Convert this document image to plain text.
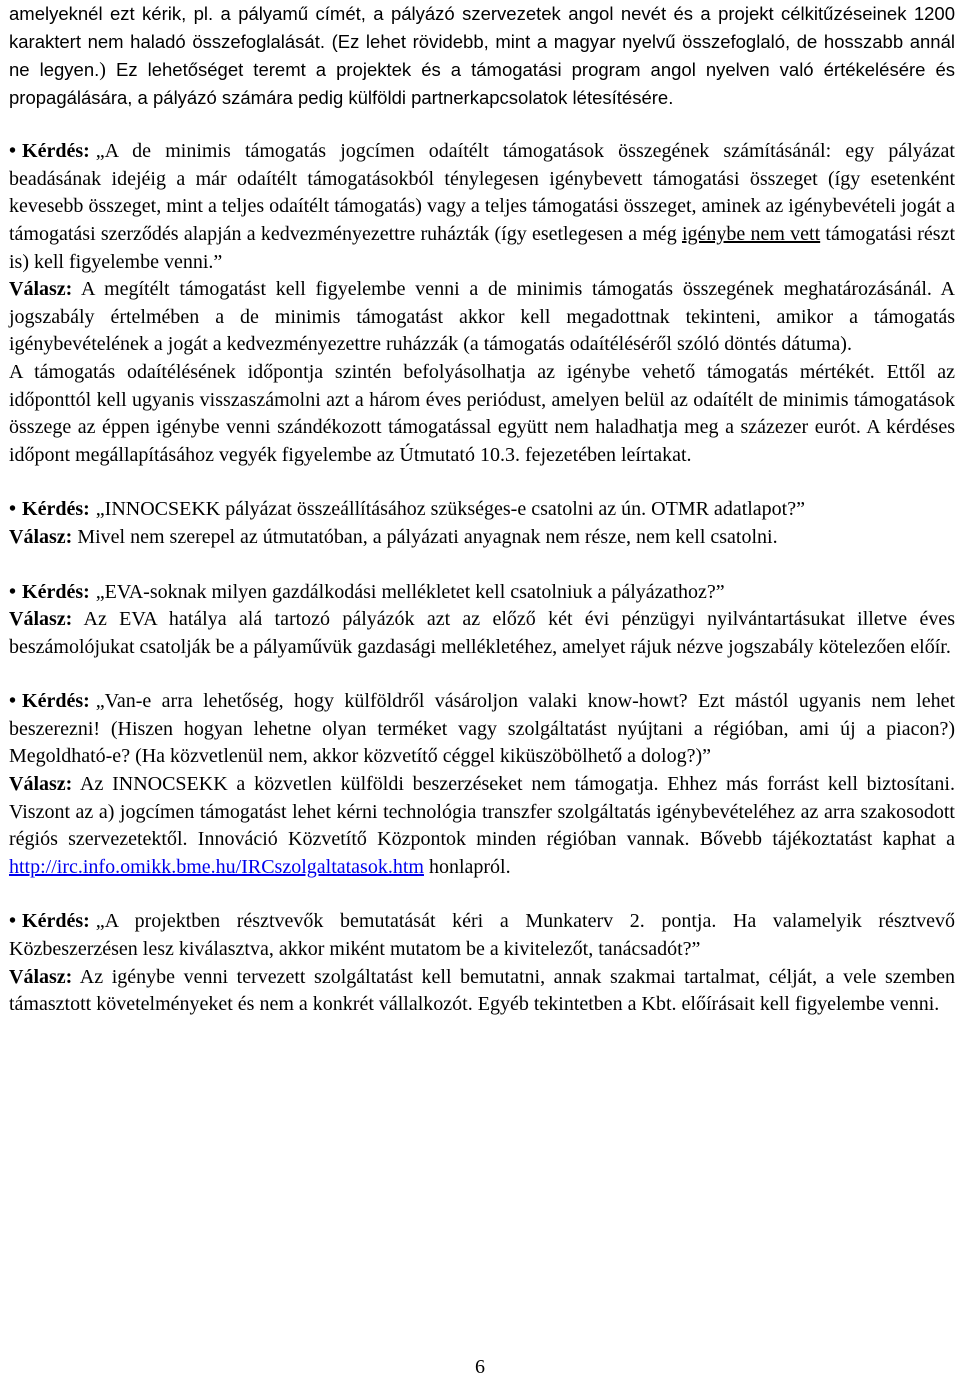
amelyeknél ezt kérik, pl. a pályamű címét, a pályázó szervezetek angol nevét és a projekt célkitűzéseinek 1200 karaktert nem haladó összefoglalását. (Ez lehet rövidebb, mint a magyar nyelvű összefoglaló, de hosszabb annál ne legyen.) Ez lehetőséget teremt a projektek és a támogatási program angol nyelven való értékelésére és propagálására, a pályázó számára pedig külföldi partnerkapcsolatok létesítésére.

• Kérdés: „A de minimis támogatás jogcímen odaítélt támogatások összegének számításánál: egy pályázat beadásának idejéig a már odaítélt támogatásokból ténylegesen igénybevett támogatási összeget (így esetenként kevesebb összeget, mint a teljes odaítélt támogatás) vagy a teljes támogatási összeget, aminek az igénybevételi jogát a támogatási szerződés alapján a kedvezményezettre ruházták (így esetlegesen a még igénybe nem vett támogatási részt is) kell figyelembe venni.”

Válasz: A megítélt támogatást kell figyelembe venni a de minimis támogatás összegének meghatározásánál. A jogszabály értelmében a de minimis támogatást akkor kell megadottnak tekinteni, amikor a támogatás igénybevételének a jogát a kedvezményezettre ruházzák (a támogatás odaítéléséről szóló döntés dátuma).

A támogatás odaítélésének időpontja szintén befolyásolhatja az igénybe vehető támogatás mértékét. Ettől az időponttól kell ugyanis visszaszámolni azt a három éves periódust, amelyen belül az odaítélt de minimis támogatások összege az éppen igénybe venni szándékozott támogatással együtt nem haladhatja meg a százezer eurót. A kérdéses időpont megállapításához vegyék figyelembe az Útmutató 10.3. fejezetében leírtakat.

• Kérdés: „INNOCSEKK pályázat összeállításához szükséges-e csatolni az ún. OTMR adatlapot?”

Válasz: Mivel nem szerepel az útmutatóban, a pályázati anyagnak nem része, nem kell csatolni.

• Kérdés: „EVA-soknak milyen gazdálkodási mellékletet kell csatolniuk a pályázathoz?”

Válasz: Az EVA hatálya alá tartozó pályázók azt az előző két évi pénzügyi nyilvántartásukat illetve éves beszámolójukat csatolják be a pályaművük gazdasági mellékletéhez, amelyet rájuk nézve jogszabály kötelezően előír.

• Kérdés: „Van-e arra lehetőség, hogy külföldről vásároljon valaki know-howt? Ezt mástól ugyanis nem lehet beszerezni! (Hiszen hogyan lehetne olyan terméket vagy szolgáltatást nyújtani a régióban, ami új a piacon?) Megoldható-e? (Ha közvetlenül nem, akkor közvetítő céggel kiküszöbölhető a dolog?)”

Válasz: Az INNOCSEKK a közvetlen külföldi beszerzéseket nem támogatja. Ehhez más forrást kell biztosítani. Viszont az a) jogcímen támogatást lehet kérni technológia transzfer szolgáltatás igénybevételéhez az arra szakosodott régiós szervezetektől. Innováció Közvetítő Központok minden régióban vannak. Bővebb tájékoztatást kaphat a http://irc.info.omikk.bme.hu/IRCszolgaltatasok.htm honlapról.

• Kérdés: „A projektben résztvevők bemutatását kéri a Munkaterv 2. pontja. Ha valamelyik résztvevő Közbeszerzésen lesz kiválasztva, akkor miként mutatom be a kivitelezőt, tanácsadót?”

Válasz: Az igénybe venni tervezett szolgáltatást kell bemutatni, annak szakmai tartalmat, célját, a vele szemben támasztott követelményeket és nem a konkrét vállalkozót. Egyéb tekintetben a Kbt. előírásait kell figyelembe venni.

6
